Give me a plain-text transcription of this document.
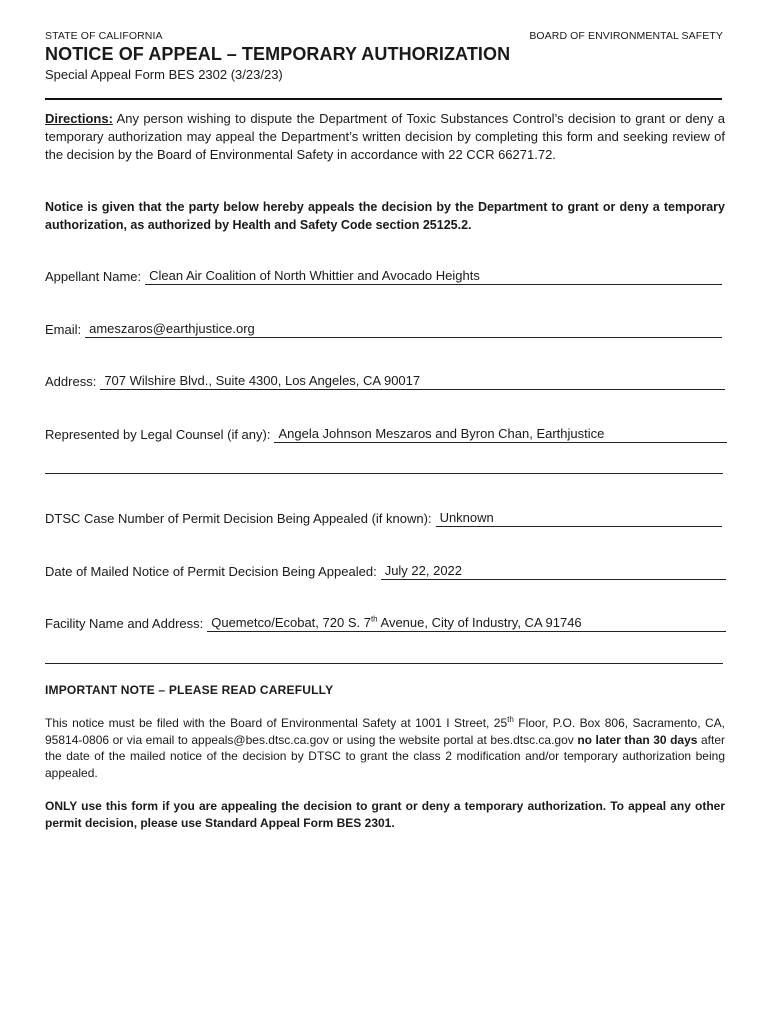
STATE OF CALIFORNIA	BOARD OF ENVIRONMENTAL SAFETY
NOTICE OF APPEAL – TEMPORARY AUTHORIZATION
Special Appeal Form BES 2302 (3/23/23)
Directions: Any person wishing to dispute the Department of Toxic Substances Control’s decision to grant or deny a temporary authorization may appeal the Department’s written decision by completing this form and seeking review of the decision by the Board of Environmental Safety in accordance with 22 CCR 66271.72.
Notice is given that the party below hereby appeals the decision by the Department to grant or deny a temporary authorization, as authorized by Health and Safety Code section 25125.2.
Appellant Name: Clean Air Coalition of North Whittier and Avocado Heights
Email: ameszaros@earthjustice.org
Address: 707 Wilshire Blvd., Suite 4300, Los Angeles, CA 90017
Represented by Legal Counsel (if any): Angela Johnson Meszaros and Byron Chan, Earthjustice
DTSC Case Number of Permit Decision Being Appealed (if known): Unknown
Date of Mailed Notice of Permit Decision Being Appealed: July 22, 2022
Facility Name and Address: Quemetco/Ecobat, 720 S. 7th Avenue, City of Industry, CA 91746
IMPORTANT NOTE – PLEASE READ CAREFULLY
This notice must be filed with the Board of Environmental Safety at 1001 I Street, 25th Floor, P.O. Box 806, Sacramento, CA, 95814-0806 or via email to appeals@bes.dtsc.ca.gov or using the website portal at bes.dtsc.ca.gov no later than 30 days after the date of the mailed notice of the decision by DTSC to grant the class 2 modification and/or temporary authorization being appealed.
ONLY use this form if you are appealing the decision to grant or deny a temporary authorization. To appeal any other permit decision, please use Standard Appeal Form BES 2301.
